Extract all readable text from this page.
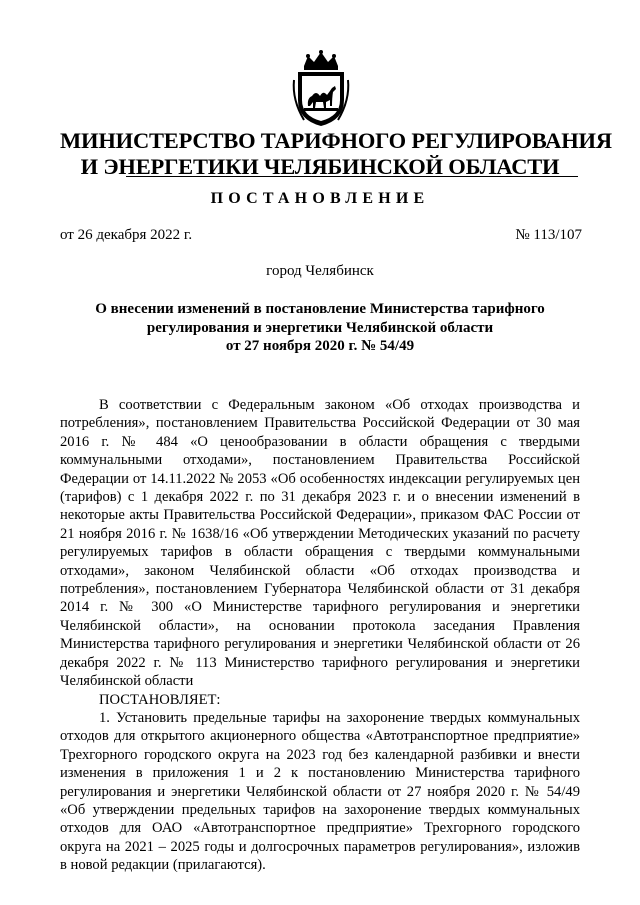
МИНИСТЕРСТВО ТАРИФНОГО РЕГУЛИРОВАНИЯ
И ЭНЕРГЕТИКИ ЧЕЛЯБИНСКОЙ ОБЛАСТИ
ПОСТАНОВЛЕНИЕ
от 26 декабря 2022 г.	№ 113/107
город Челябинск
О внесении изменений в постановление Министерства тарифного
регулирования и энергетики Челябинской области
от 27 ноября 2020 г. № 54/49

В соответствии с Федеральным законом «Об отходах производства и потребления», постановлением Правительства Российской Федерации от 30 мая 2016 г. № 484 «О ценообразовании в области обращения с твердыми коммунальными отходами», постановлением Правительства Российской Федерации от 14.11.2022 № 2053 «Об особенностях индексации регулируемых цен (тарифов) с 1 декабря 2022 г. по 31 декабря 2023 г. и о внесении изменений в некоторые акты Правительства Российской Федерации», приказом ФАС России от 21 ноября 2016 г. № 1638/16 «Об утверждении Методических указаний по расчету регулируемых тарифов в области обращения с твердыми коммунальными отходами», законом Челябинской области «Об отходах производства и потребления», постановлением Губернатора Челябинской области от 31 декабря 2014 г. № 300 «О Министерстве тарифного регулирования и энергетики Челябинской области», на основании протокола заседания Правления Министерства тарифного регулирования и энергетики Челябинской области от 26 декабря 2022 г. № 113 Министерство тарифного регулирования и энергетики Челябинской области

ПОСТАНОВЛЯЕТ:

1. Установить предельные тарифы на захоронение твердых коммунальных отходов для открытого акционерного общества «Автотранспортное предприятие» Трехгорного городского округа на 2023 год без календарной разбивки и внести изменения в приложения 1 и 2 к постановлению Министерства тарифного регулирования и энергетики Челябинской области от 27 ноября 2020 г. № 54/49 «Об утверждении предельных тарифов на захоронение твердых коммунальных отходов для ОАО «Автотранспортное предприятие» Трехгорного городского округа на 2021 – 2025 годы и долгосрочных параметров регулирования», изложив в новой редакции (прилагаются).
